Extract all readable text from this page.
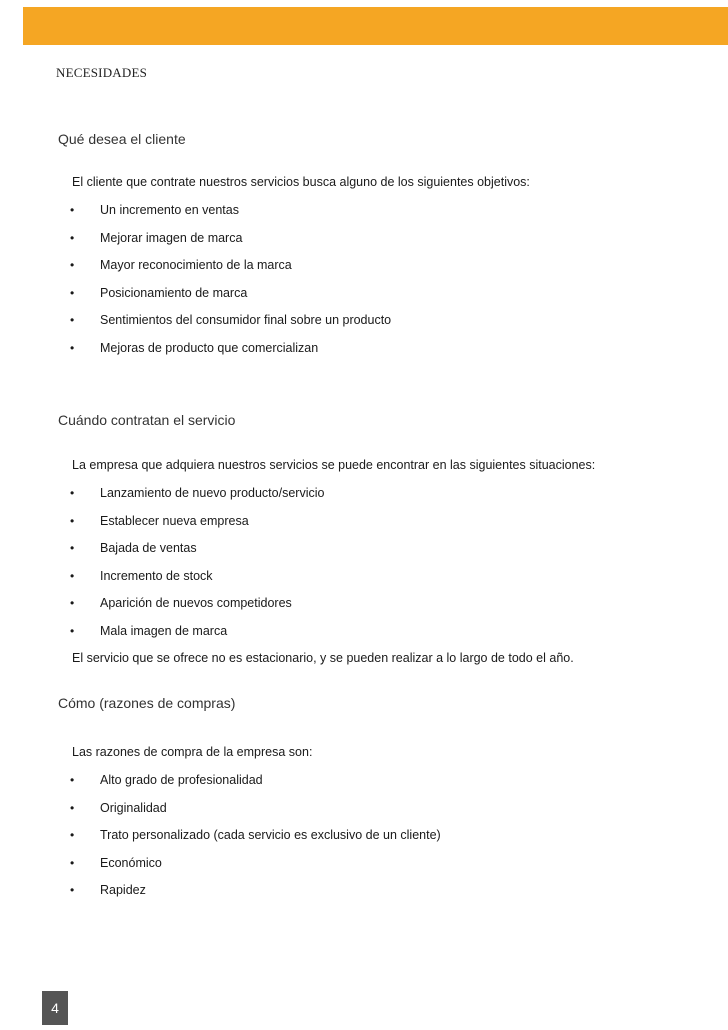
NECESIDADES
Qué desea el cliente
El cliente que contrate nuestros servicios busca alguno de los siguientes objetivos:
• Un incremento en ventas
• Mejorar imagen de marca
• Mayor reconocimiento de la marca
• Posicionamiento de marca
• Sentimientos del consumidor final sobre un producto
• Mejoras de producto que comercializan
Cuándo contratan el servicio
La empresa que adquiera nuestros servicios se puede encontrar en las siguientes situaciones:
• Lanzamiento de nuevo producto/servicio
• Establecer nueva empresa
• Bajada de ventas
• Incremento de stock
• Aparición de nuevos competidores
• Mala imagen de marca
El servicio que se ofrece no es estacionario, y se pueden realizar a lo largo de todo el año.
Cómo (razones de compras)
Las razones de compra de la empresa son:
• Alto grado de profesionalidad
• Originalidad
• Trato personalizado (cada servicio es exclusivo de un cliente)
• Económico
• Rapidez
4
